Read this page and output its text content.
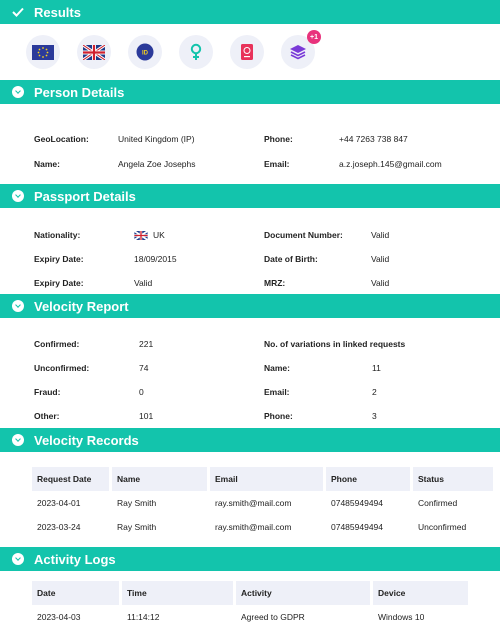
Results
ID
+1
Person Details
GeoLocation:	United Kingdom (IP)	Phone:	+44 7263 738 847
Name:	Angela Zoe Josephs	Email:	a.z.joseph.145@gmail.com
Passport Details
Nationality:	UK	Document Number:	Valid
Expiry Date:	18/09/2015	Date of Birth:	Valid
Expiry Date:	Valid	MRZ:	Valid
Velocity Report
Confirmed:	221	No. of variations in linked requests
Unconfirmed:	74	Name:	11
Fraud:	0	Email:	2
Other:	101	Phone:	3
Velocity Records
Request Date	Name	Email	Phone	Status
2023-04-01	Ray Smith	ray.smith@mail.com	07485949494	Confirmed
2023-03-24	Ray Smith	ray.smith@mail.com	07485949494	Unconfirmed
Activity Logs
Date	Time	Activity	Device
2023-04-03	11:14:12	Agreed to GDPR	Windows 10
